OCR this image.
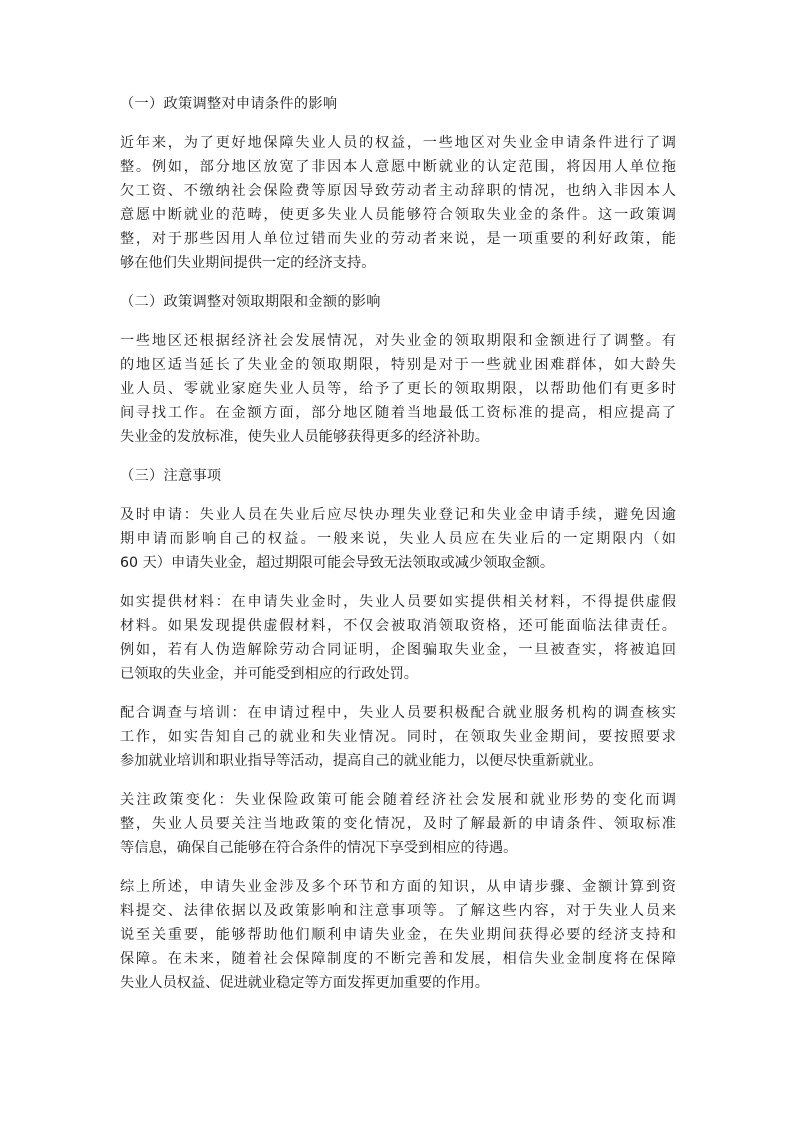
（一）政策调整对申请条件的影响
近年来，为了更好地保障失业人员的权益，一些地区对失业金申请条件进行了调
整。例如，部分地区放宽了非因本人意愿中断就业的认定范围，将因用人单位拖
欠工资、不缴纳社会保险费等原因导致劳动者主动辞职的情况，也纳入非因本人
意愿中断就业的范畴，使更多失业人员能够符合领取失业金的条件。这一政策调
整，对于那些因用人单位过错而失业的劳动者来说，是一项重要的利好政策，能
够在他们失业期间提供一定的经济支持。
（二）政策调整对领取期限和金额的影响
一些地区还根据经济社会发展情况，对失业金的领取期限和金额进行了调整。有
的地区适当延长了失业金的领取期限，特别是对于一些就业困难群体，如大龄失
业人员、零就业家庭失业人员等，给予了更长的领取期限，以帮助他们有更多时
间寻找工作。在金额方面，部分地区随着当地最低工资标准的提高，相应提高了
失业金的发放标准，使失业人员能够获得更多的经济补助。
（三）注意事项
及时申请：失业人员在失业后应尽快办理失业登记和失业金申请手续，避免因逾
期申请而影响自己的权益。一般来说，失业人员应在失业后的一定期限内（如
60 天）申请失业金，超过期限可能会导致无法领取或减少领取金额。
如实提供材料：在申请失业金时，失业人员要如实提供相关材料，不得提供虚假
材料。如果发现提供虚假材料，不仅会被取消领取资格，还可能面临法律责任。
例如，若有人伪造解除劳动合同证明，企图骗取失业金，一旦被查实，将被追回
已领取的失业金，并可能受到相应的行政处罚。
配合调查与培训：在申请过程中，失业人员要积极配合就业服务机构的调查核实
工作，如实告知自己的就业和失业情况。同时，在领取失业金期间，要按照要求
参加就业培训和职业指导等活动，提高自己的就业能力，以便尽快重新就业。
关注政策变化：失业保险政策可能会随着经济社会发展和就业形势的变化而调
整，失业人员要关注当地政策的变化情况，及时了解最新的申请条件、领取标准
等信息，确保自己能够在符合条件的情况下享受到相应的待遇。
综上所述，申请失业金涉及多个环节和方面的知识，从申请步骤、金额计算到资
料提交、法律依据以及政策影响和注意事项等。了解这些内容，对于失业人员来
说至关重要，能够帮助他们顺利申请失业金，在失业期间获得必要的经济支持和
保障。在未来，随着社会保障制度的不断完善和发展，相信失业金制度将在保障
失业人员权益、促进就业稳定等方面发挥更加重要的作用。
